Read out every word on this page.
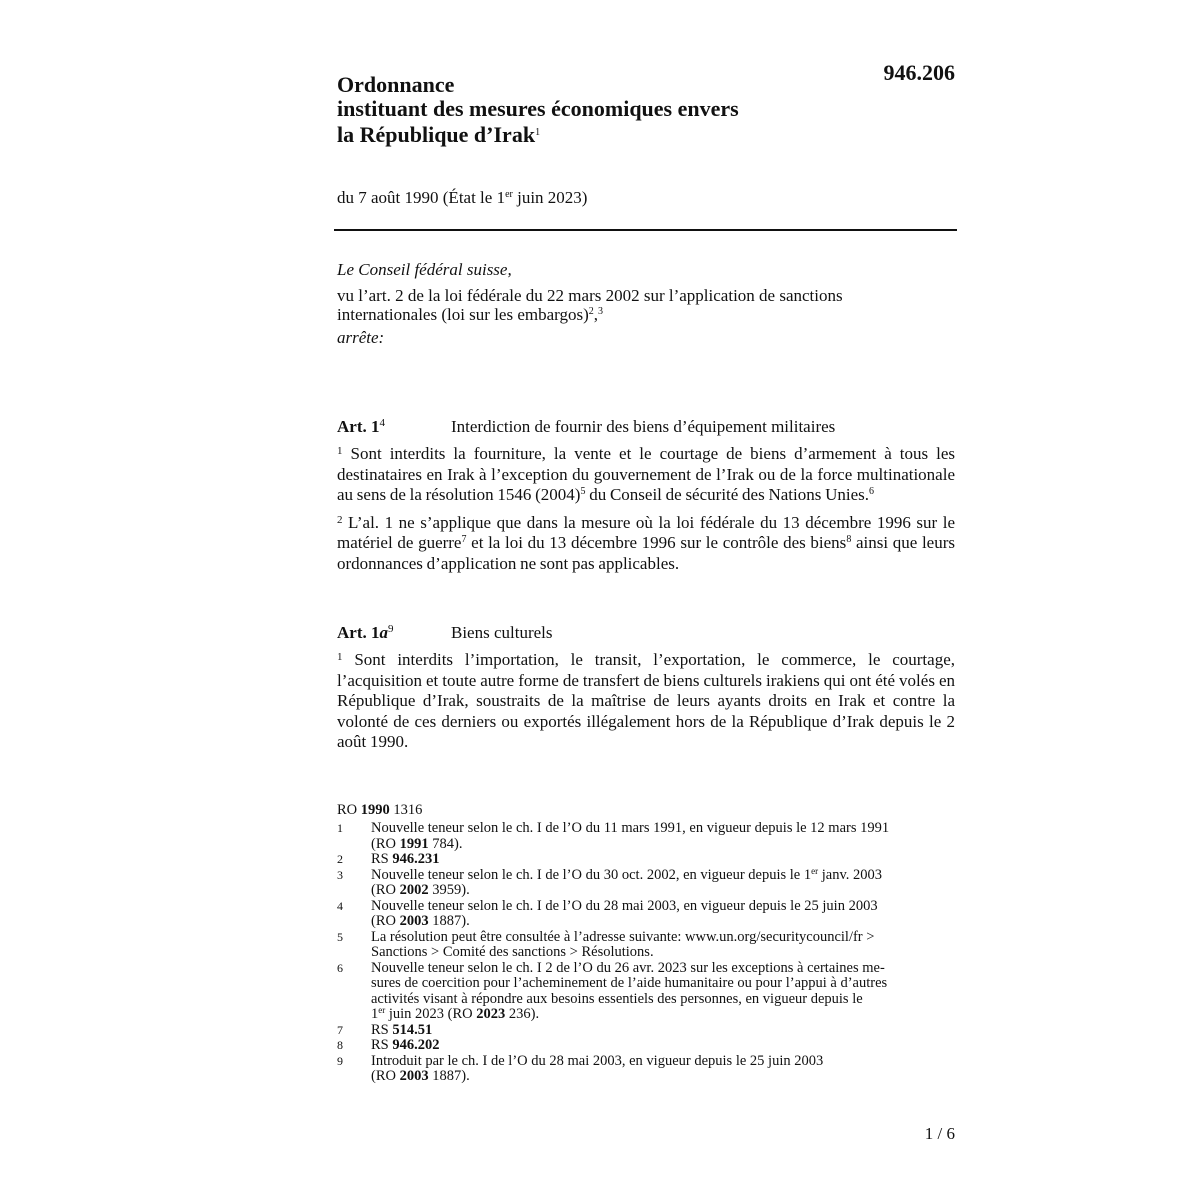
946.206
Ordonnance
instituant des mesures économiques envers
la République d’Irak$^1$
du 7 août 1990 (État le 1er juin 2023)
Le Conseil fédéral suisse,
vu l’art. 2 de la loi fédérale du 22 mars 2002 sur l’application de sanctions
internationales (loi sur les embargos)$^2$,$^3$
arrête:
Art. $1^4$	Interdiction de fournir des biens d’équipement militaires
$^1$ Sont interdits la fourniture, la vente et le courtage de biens d’armement à tous les destinataires en Irak à l’exception du gouvernement de l’Irak ou de la force multinationale au sens de la résolution 1546 (2004)$^5$ du Conseil de sécurité des Nations Unies.$^6$
$^2$ L’al. 1 ne s’applique que dans la mesure où la loi fédérale du 13 décembre 1996 sur le matériel de guerre$^7$ et la loi du 13 décembre 1996 sur le contrôle des biens$^8$ ainsi que leurs ordonnances d’application ne sont pas applicables.
Art. $1a^9$	Biens culturels
$^1$ Sont interdits l’importation, le transit, l’exportation, le commerce, le courtage, l’acquisition et toute autre forme de transfert de biens culturels irakiens qui ont été volés en République d’Irak, soustraits de la maîtrise de leurs ayants droits en Irak et contre la volonté de ces derniers ou exportés illégalement hors de la République d’Irak depuis le 2 août 1990.
RO 1990 1316
1	Nouvelle teneur selon le ch. I de l’O du 11 mars 1991, en vigueur depuis le 12 mars 1991
(RO 1991 784).
2	RS 946.231
3	Nouvelle teneur selon le ch. I de l’O du 30 oct. 2002, en vigueur depuis le 1er janv. 2003
(RO 2002 3959).
4	Nouvelle teneur selon le ch. I de l’O du 28 mai 2003, en vigueur depuis le 25 juin 2003
(RO 2003 1887).
5	La résolution peut être consultée à l’adresse suivante: www.un.org/securitycouncil/fr >
Sanctions > Comité des sanctions > Résolutions.
6	Nouvelle teneur selon le ch. I 2 de l’O du 26 avr. 2023 sur les exceptions à certaines me-
sures de coercition pour l’acheminement de l’aide humanitaire ou pour l’appui à d’autres
activités visant à répondre aux besoins essentiels des personnes, en vigueur depuis le
1er juin 2023 (RO 2023 236).
7	RS 514.51
8	RS 946.202
9	Introduit par le ch. I de l’O du 28 mai 2003, en vigueur depuis le 25 juin 2003
(RO 2003 1887).
1 / 6
